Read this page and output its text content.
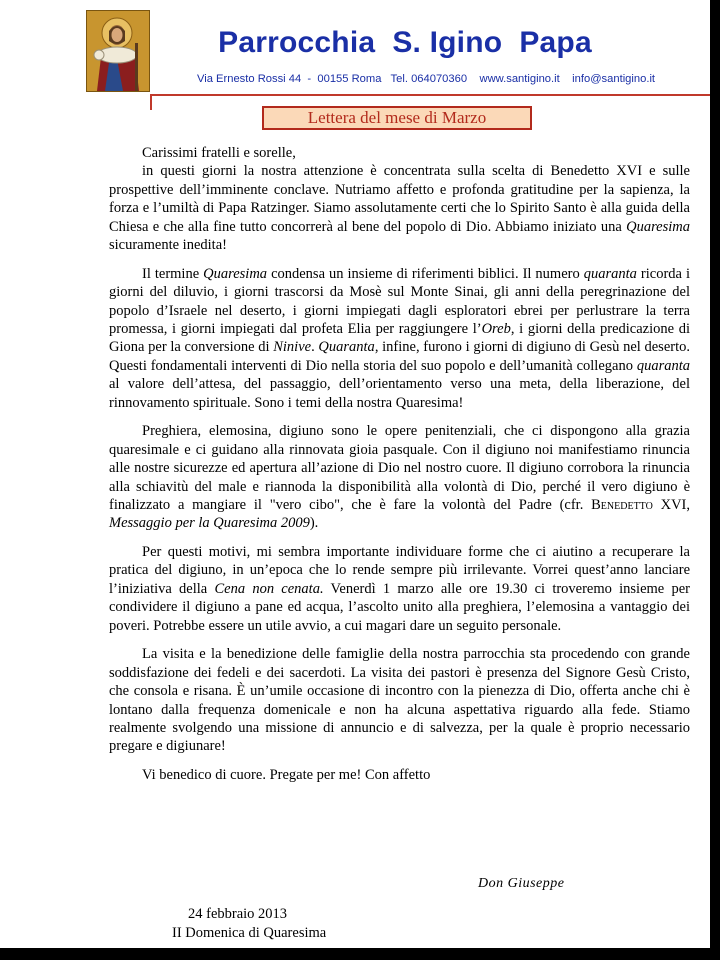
Parrocchia  S. Igino  Papa
Via Ernesto Rossi 44  -  00155 Roma   Tel. 064070360    www.santigino.it    info@santigino.it
Lettera del mese di Marzo

Carissimi fratelli e sorelle,

in questi giorni la nostra attenzione è concentrata sulla scelta di Benedetto XVI e sulle prospettive dell’imminente conclave. Nutriamo affetto e profonda gratitudine per la sapienza, la forza e l’umiltà di Papa Ratzinger. Siamo assolutamente certi che lo Spirito Santo è alla guida della Chiesa e che alla fine tutto concorrerà al bene del popolo di Dio. Abbiamo iniziato una Quaresima sicuramente inedita!

Il termine Quaresima condensa un insieme di riferimenti biblici. Il numero quaranta ricorda i giorni del diluvio, i giorni trascorsi da Mosè sul Monte Sinai, gli anni della peregrinazione del popolo d’Israele nel deserto, i giorni impiegati dagli esploratori ebrei per perlustrare la terra promessa, i giorni impiegati dal profeta Elia per raggiungere l’Oreb, i giorni della predicazione di Giona per la conversione di Ninive. Quaranta, infine, furono i giorni di digiuno di Gesù nel deserto. Questi fondamentali interventi di Dio nella storia del suo popolo e dell’umanità collegano quaranta al valore dell’attesa, del passaggio, dell’orientamento verso una meta, della liberazione, del rinnovamento spirituale. Sono i temi della nostra Quaresima!

Preghiera, elemosina, digiuno sono le opere penitenziali, che ci dispongono alla grazia quaresimale e ci guidano alla rinnovata gioia pasquale. Con il digiuno noi manifestiamo rinuncia alle nostre sicurezze ed apertura all’azione di Dio nel nostro cuore. Il digiuno corrobora la rinuncia alla schiavitù del male e riannoda la disponibilità alla volontà di Dio, perché il vero digiuno è finalizzato a mangiare il "vero cibo", che è fare la volontà del Padre (cfr. Benedetto XVI, Messaggio per la Quaresima 2009).

Per questi motivi, mi sembra importante individuare forme che ci aiutino a recuperare la pratica del digiuno, in un’epoca che lo rende sempre più irrilevante. Vorrei quest’anno lanciare l’iniziativa della Cena non cenata. Venerdì 1 marzo alle ore 19.30 ci troveremo insieme per condividere il digiuno a pane ed acqua, l’ascolto unito alla preghiera, l’elemosina a vantaggio dei poveri. Potrebbe essere un utile avvio, a cui magari dare un seguito personale.

La visita e la benedizione delle famiglie della nostra parrocchia sta procedendo con grande soddisfazione dei fedeli e dei sacerdoti. La visita dei pastori è presenza del Signore Gesù Cristo, che consola e risana. È un’umile occasione di incontro con la pienezza di Dio, offerta anche chi è lontano dalla frequenza domenicale e non ha alcuna aspettativa riguardo alla fede. Stiamo realmente svolgendo una missione di annuncio e di salvezza, per la quale è proprio necessario pregare e digiunare!

Vi benedico di cuore. Pregate per me! Con affetto

Don Giuseppe
24 febbraio 2013
II Domenica di Quaresima
